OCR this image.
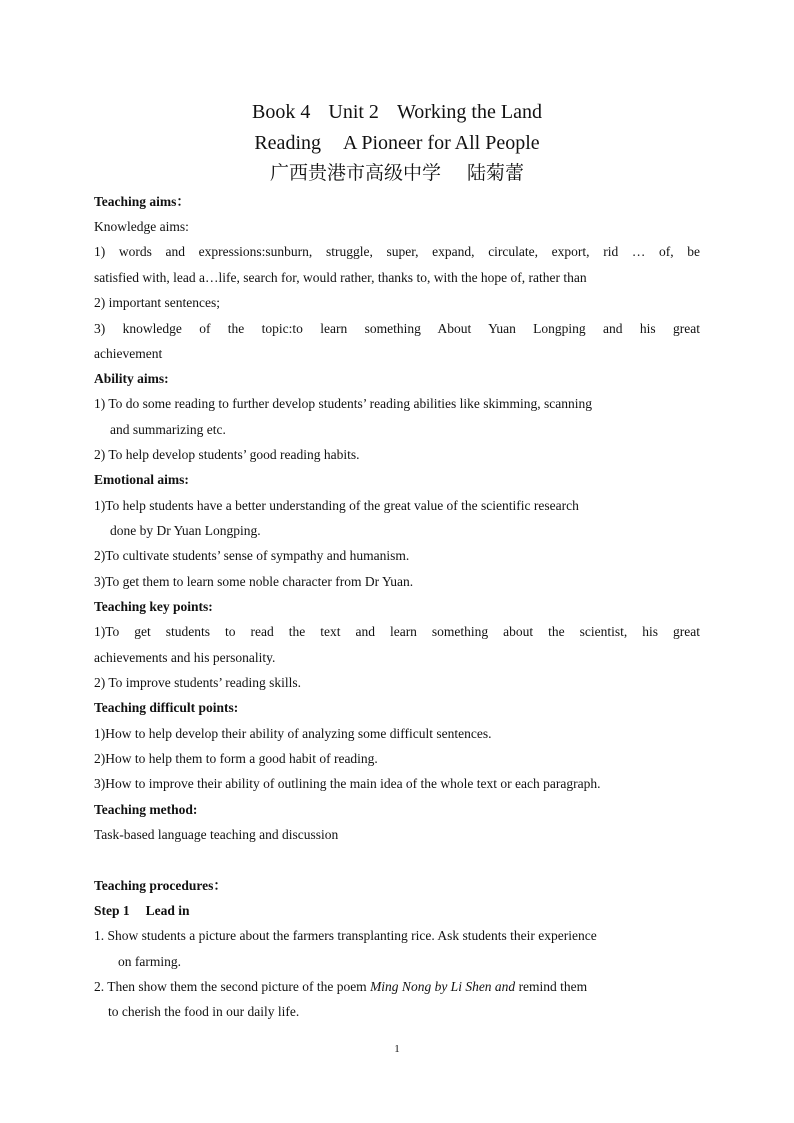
Book 4 Unit 2 Working the Land
Reading A Pioneer for All People
广西贵港市高级中学 陆菊蕾
Teaching aims：
Knowledge aims:
1) words and expressions:sunburn, struggle, super, expand, circulate, export, rid … of, be
satisfied with, lead a…life, search for, would rather, thanks to, with the hope of, rather than
2) important sentences;
3) knowledge of the topic:to learn something About Yuan Longping and his great
achievement
Ability aims:
1) To do some reading to further develop students’ reading abilities like skimming, scanning
and summarizing etc.
2) To help develop students’ good reading habits.
Emotional aims:
1)To help students have a better understanding of the great value of the scientific research
done by Dr Yuan Longping.
2)To cultivate students’ sense of sympathy and humanism.
3)To get them to learn some noble character from Dr Yuan.
Teaching key points:
1)To get students to read the text and learn something about the scientist, his great
achievements and his personality.
2) To improve students’ reading skills.
Teaching difficult points:
1)How to help develop their ability of analyzing some difficult sentences.
2)How to help them to form a good habit of reading.
3)How to improve their ability of outlining the main idea of the whole text or each paragraph.
Teaching method:
Task-based language teaching and discussion
Teaching procedures：
Step 1 Lead in
1. Show students a picture about the farmers transplanting rice. Ask students their experience
on farming.
2. Then show them the second picture of the poem Ming Nong by Li Shen and remind them
to cherish the food in our daily life.
1
